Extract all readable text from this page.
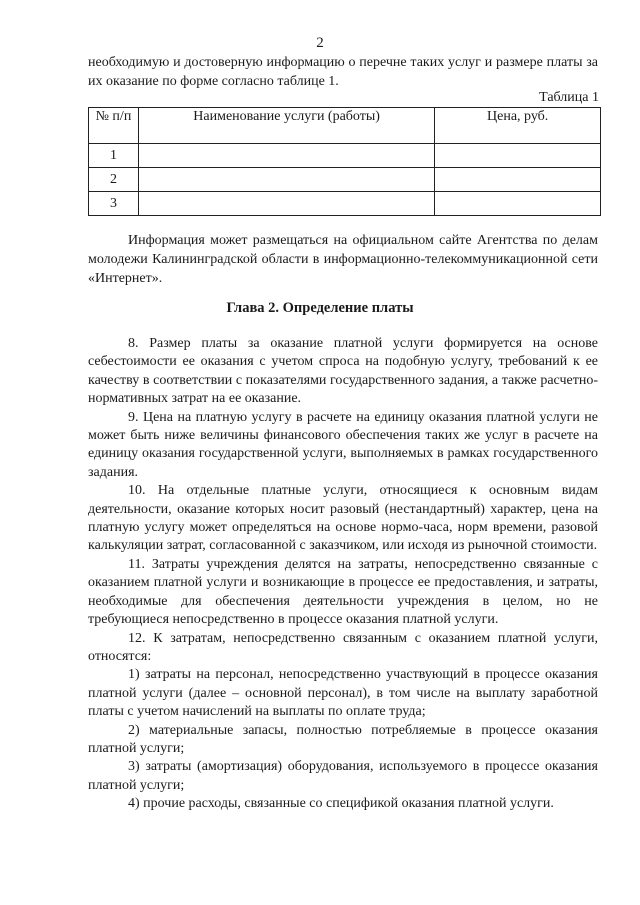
2
необходимую и достоверную информацию о перечне таких услуг и размере платы за их оказание по форме согласно таблице 1.
Таблица 1
№ п/п	Наименование услуги (работы)	Цена, руб.
1		
2		
3		
Информация может размещаться на официальном сайте Агентства по делам молодежи Калининградской области в информационно-телекоммуникационной сети «Интернет».
Глава 2. Определение платы

8. Размер платы за оказание платной услуги формируется на основе себестоимости ее оказания с учетом спроса на подобную услугу, требований к ее качеству в соответствии с показателями государственного задания, а также расчетно-нормативных затрат на ее оказание.

9. Цена на платную услугу в расчете на единицу оказания платной услуги не может быть ниже величины финансового обеспечения таких же услуг в расчете на единицу оказания государственной услуги, выполняемых в рамках государственного задания.

10. На отдельные платные услуги, относящиеся к основным видам деятельности, оказание которых носит разовый (нестандартный) характер, цена на платную услугу может определяться на основе нормо-часа, норм времени, разовой калькуляции затрат, согласованной с заказчиком, или исходя из рыночной стоимости.

11. Затраты учреждения делятся на затраты, непосредственно связанные с оказанием платной услуги и возникающие в процессе ее предоставления, и затраты, необходимые для обеспечения деятельности учреждения в целом, но не требующиеся непосредственно в процессе оказания платной услуги.

12. К затратам, непосредственно связанным с оказанием платной услуги, относятся:

1) затраты на персонал, непосредственно участвующий в процессе оказания платной услуги (далее – основной персонал), в том числе на выплату заработной платы с учетом начислений на выплаты по оплате труда;

2) материальные запасы, полностью потребляемые в процессе оказания платной услуги;

3) затраты (амортизация) оборудования, используемого в процессе оказания платной услуги;

4) прочие расходы, связанные со спецификой оказания платной услуги.
